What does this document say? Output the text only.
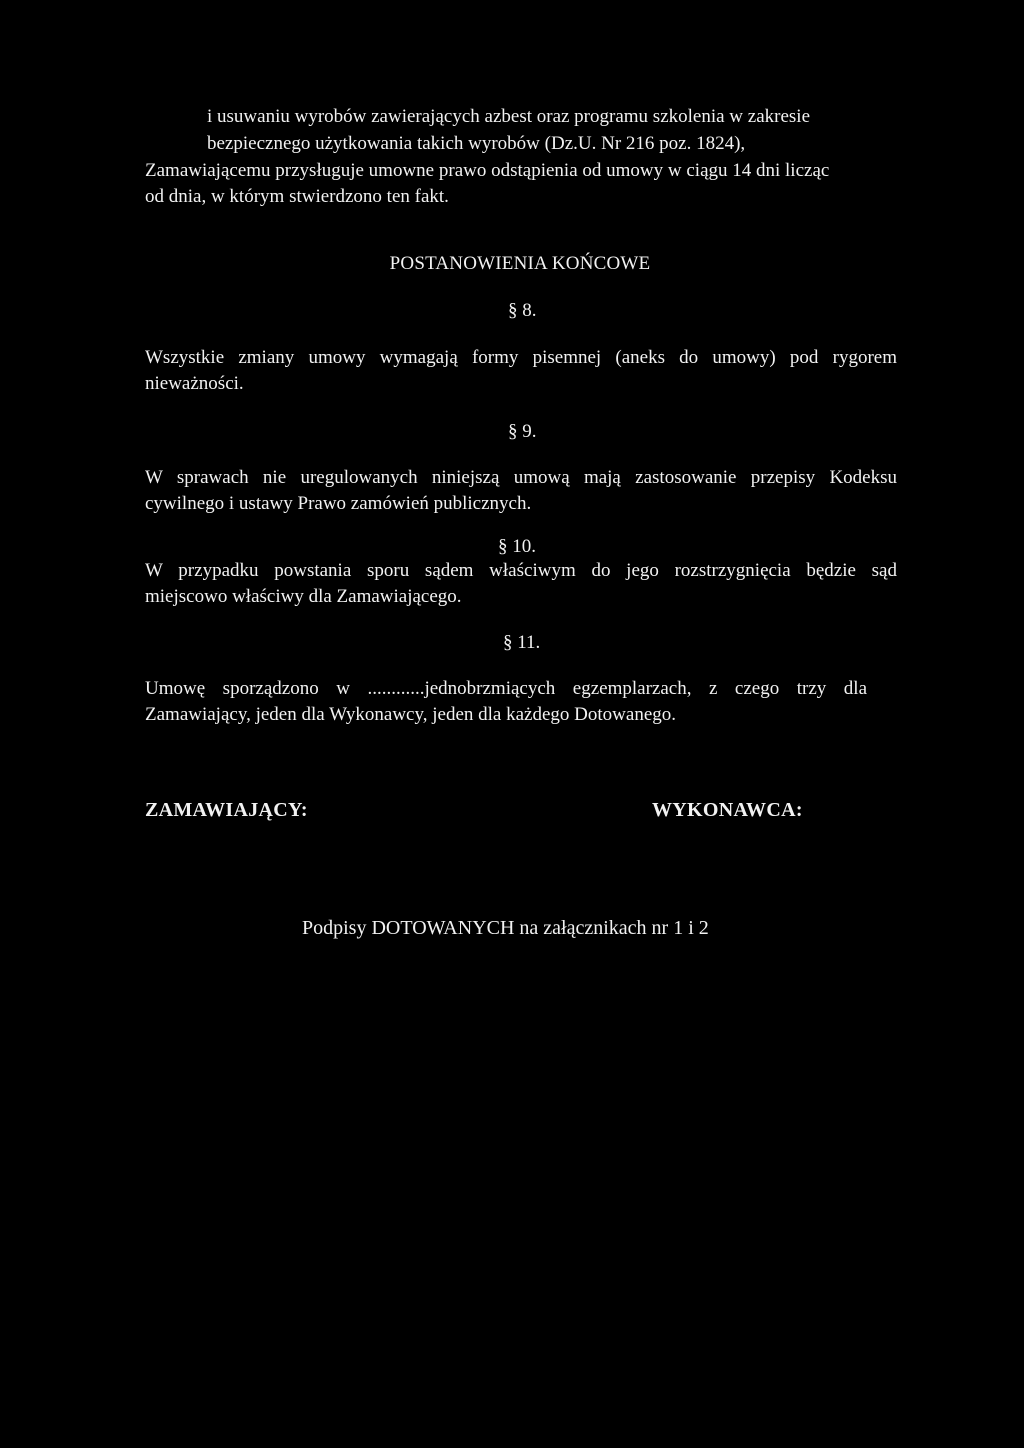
i usuwaniu wyrobów zawierających azbest oraz programu szkolenia w zakresie
bezpiecznego użytkowania takich wyrobów (Dz.U. Nr 216 poz. 1824),
Zamawiającemu przysługuje umowne prawo odstąpienia od umowy w ciągu 14 dni licząc
od dnia, w którym stwierdzono ten fakt.
POSTANOWIENIA KOŃCOWE
§ 8.
Wszystkie zmiany umowy wymagają formy pisemnej (aneks do umowy) pod rygorem
nieważności.
§ 9.
W sprawach nie uregulowanych niniejszą umową mają zastosowanie przepisy Kodeksu
cywilnego i ustawy Prawo zamówień publicznych.
§ 10.
W przypadku powstania sporu sądem właściwym do jego rozstrzygnięcia będzie sąd
miejscowo właściwy dla Zamawiającego.
§ 11.
Umowę sporządzono w ............jednobrzmiących egzemplarzach, z czego trzy dla
Zamawiający, jeden dla Wykonawcy, jeden dla każdego Dotowanego.
ZAMAWIAJĄCY:	WYKONAWCA:
Podpisy DOTOWANYCH na załącznikach nr 1 i 2
